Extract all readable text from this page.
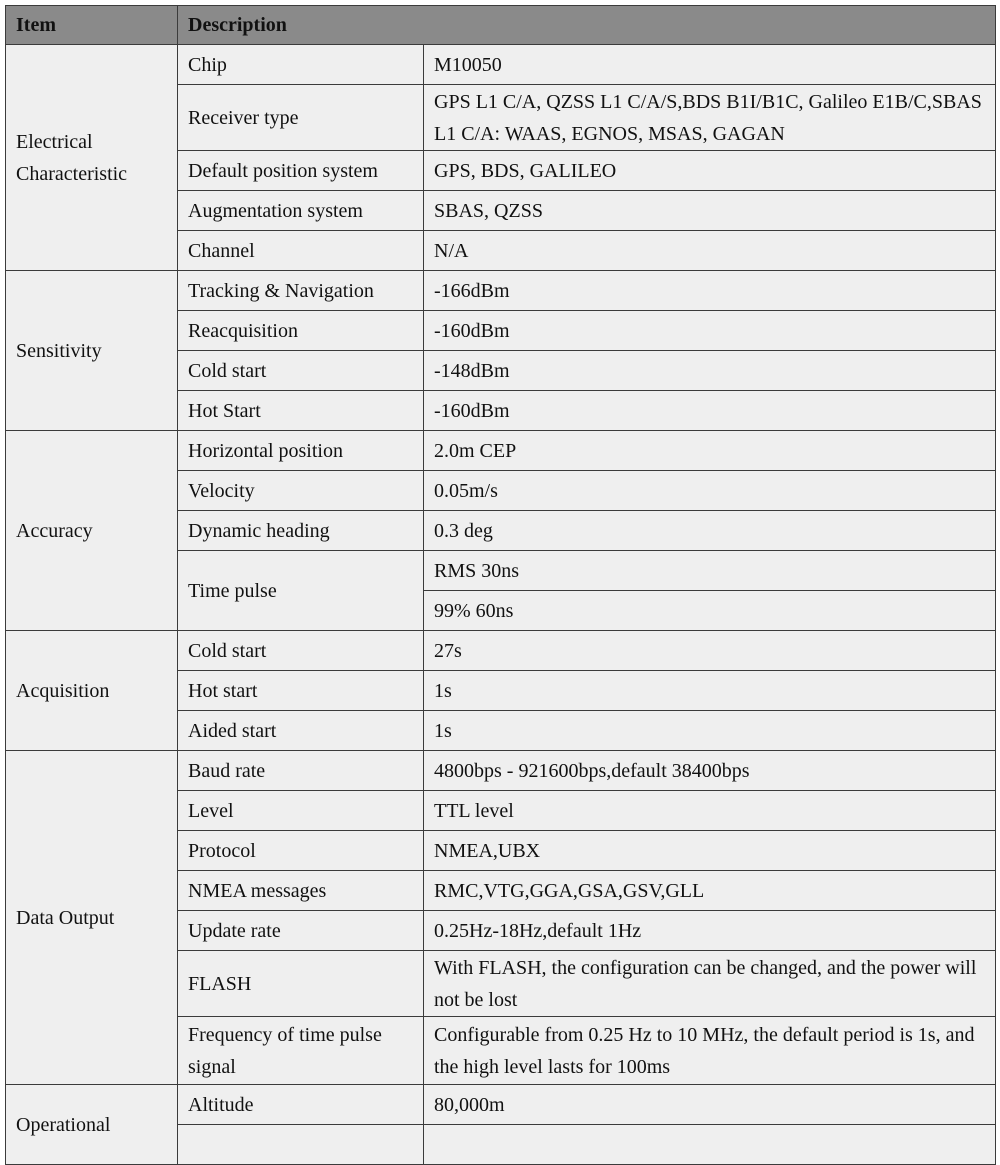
Item	Description	
Electrical Characteristic	Chip	M10050
	Receiver type	GPS L1 C/A, QZSS L1 C/A/S,BDS B1I/B1C, Galileo E1B/C,SBAS L1 C/A: WAAS, EGNOS, MSAS, GAGAN
	Default position system	GPS, BDS, GALILEO
	Augmentation system	SBAS, QZSS
	Channel	N/A
Sensitivity	Tracking & Navigation	-166dBm
	Reacquisition	-160dBm
	Cold start	-148dBm
	Hot Start	-160dBm
Accuracy	Horizontal position	2.0m CEP
	Velocity	0.05m/s
	Dynamic heading	0.3 deg
	Time pulse	RMS 30ns
		99% 60ns
Acquisition	Cold start	27s
	Hot start	1s
	Aided start	1s
Data Output	Baud rate	4800bps - 921600bps,default 38400bps
	Level	TTL level
	Protocol	NMEA,UBX
	NMEA messages	RMC,VTG,GGA,GSA,GSV,GLL
	Update rate	0.25Hz-18Hz,default 1Hz
	FLASH	With FLASH, the configuration can be changed, and the power will not be lost
	Frequency of time pulse signal	Configurable from 0.25 Hz to 10 MHz, the default period is 1s, and the high level lasts for 100ms
Operational	Altitude	80,000m
